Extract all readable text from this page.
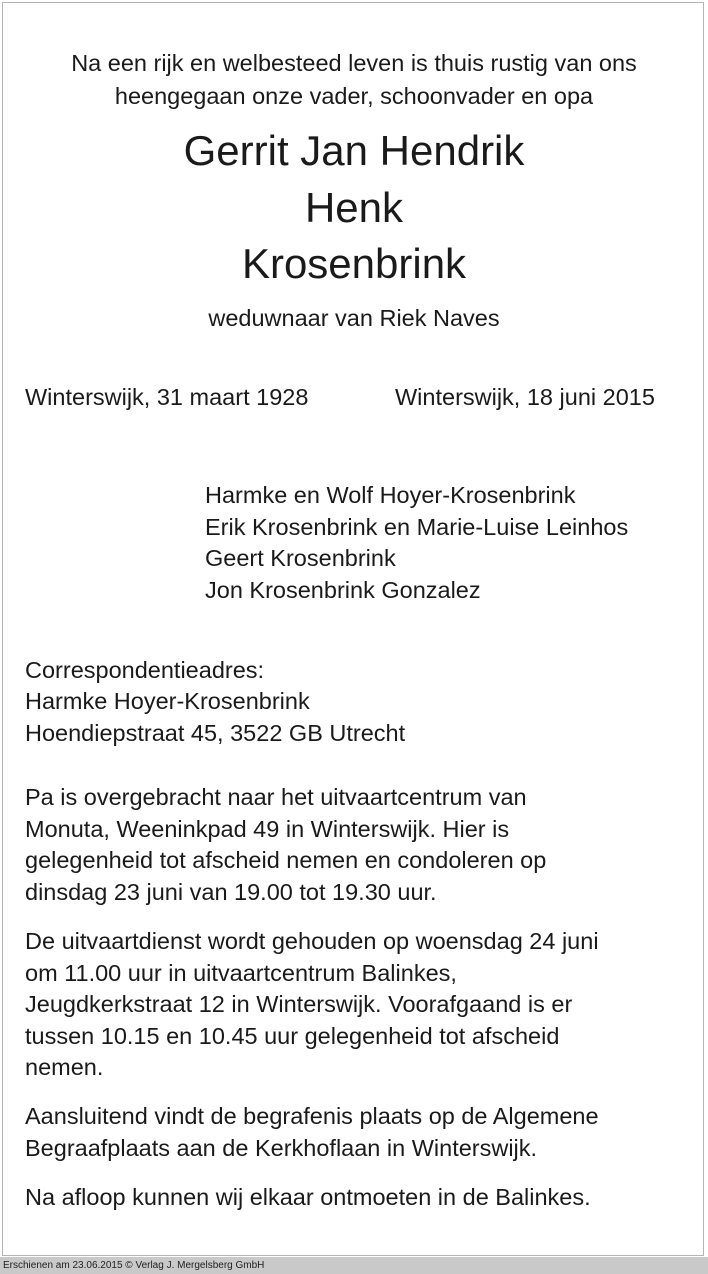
Na een rijk en welbesteed leven is thuis rustig van ons
heengegaan onze vader, schoonvader en opa
Gerrit Jan Hendrik
Henk
Krosenbrink
weduwnaar van Riek Naves
Winterswijk, 31 maart 1928	Winterswijk, 18 juni 2015
Harmke en Wolf Hoyer-Krosenbrink
Erik Krosenbrink en Marie-Luise Leinhos
Geert Krosenbrink
Jon Krosenbrink Gonzalez
Correspondentieadres:
Harmke Hoyer-Krosenbrink
Hoendiepstraat 45, 3522 GB Utrecht
Pa is overgebracht naar het uitvaartcentrum van
Monuta, Weeninkpad 49 in Winterswijk. Hier is
gelegenheid tot afscheid nemen en condoleren op
dinsdag 23 juni van 19.00 tot 19.30 uur.
De uitvaartdienst wordt gehouden op woensdag 24 juni
om 11.00 uur in uitvaartcentrum Balinkes,
Jeugdkerkstraat 12 in Winterswijk. Voorafgaand is er
tussen 10.15 en 10.45 uur gelegenheid tot afscheid
nemen.
Aansluitend vindt de begrafenis plaats op de Algemene
Begraafplaats aan de Kerkhoflaan in Winterswijk.
Na afloop kunnen wij elkaar ontmoeten in de Balinkes.
Erschienen am 23.06.2015 © Verlag J. Mergelsberg GmbH
